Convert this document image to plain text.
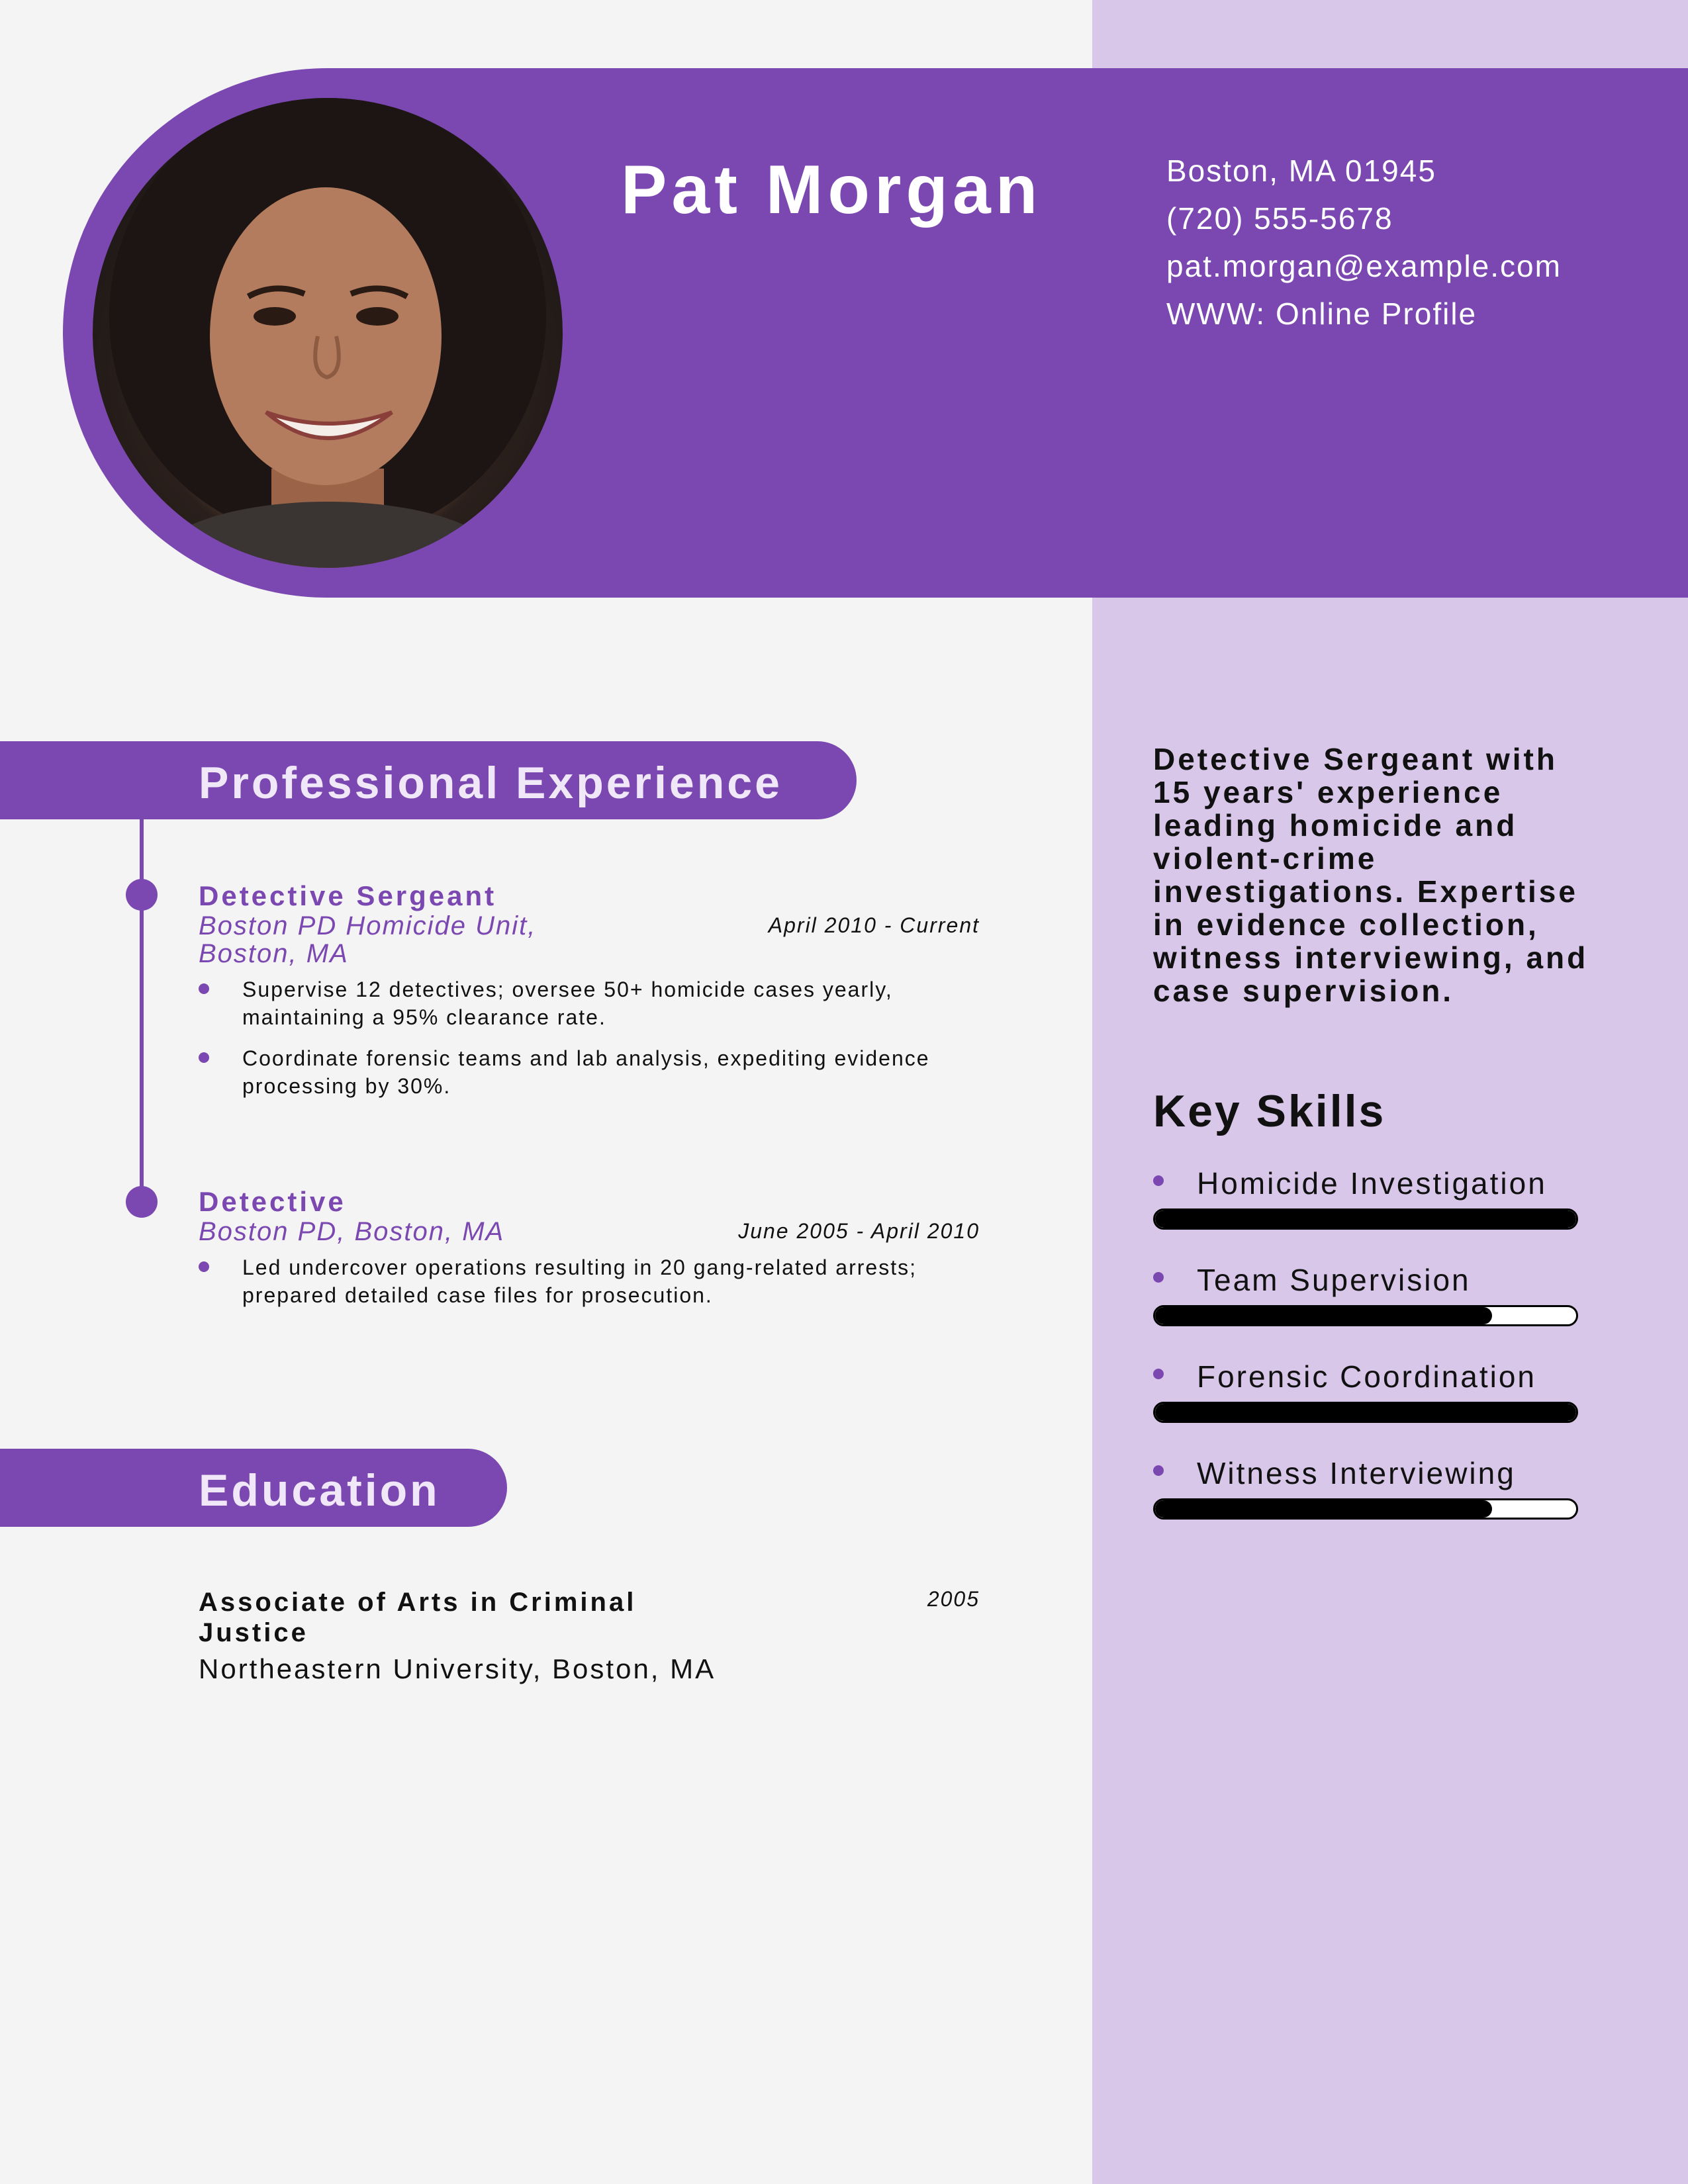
Pat Morgan	Boston, MA 01945
(720) 555-5678
pat.morgan@example.com
WWW: Online Profile
Professional Experience
Detective Sergeant
April 2010 - Current
Boston PD Homicide Unit, Boston, MA
Supervise 12 detectives; oversee 50+ homicide cases yearly, maintaining a 95% clearance rate.
Coordinate forensic teams and lab analysis, expediting evidence processing by 30%.
Detective
June 2005 - April 2010
Boston PD, Boston, MA
Led undercover operations resulting in 20 gang-related arrests; prepared detailed case files for prosecution.
Education
Associate of Arts in Criminal Justice
2005
Northeastern University, Boston, MA
Detective Sergeant with 15 years' experience leading homicide and violent-crime investigations. Expertise in evidence collection, witness interviewing, and case supervision.
Key Skills
Homicide Investigation
Team Supervision
Forensic Coordination
Witness Interviewing
